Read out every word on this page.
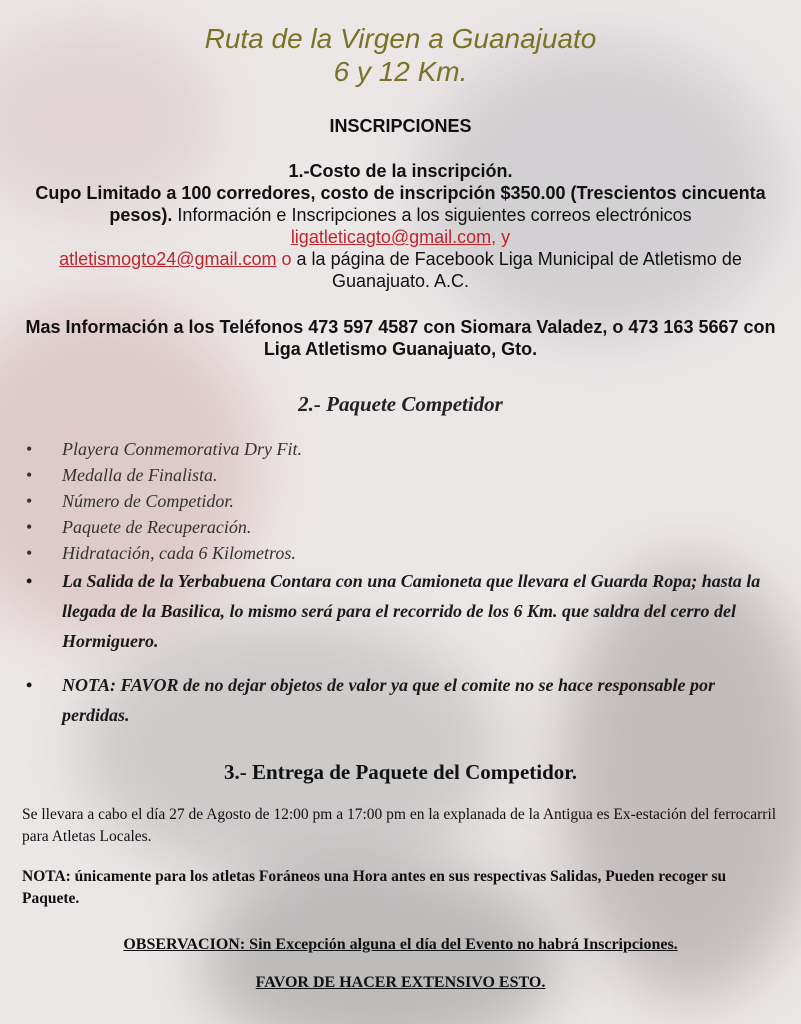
Ruta de la Virgen a Guanajuato
6 y 12 Km.
INSCRIPCIONES
1.-Costo de la inscripción.
Cupo Limitado a 100 corredores, costo de inscripción $350.00 (Trescientos cincuenta pesos). Información e Inscripciones a los siguientes correos electrónicos ligatleticagto@gmail.com, y
atletismogto24@gmail.com o a la página de Facebook Liga Municipal de Atletismo de Guanajuato. A.C.
Mas Información a los Teléfonos 473 597 4587 con Siomara Valadez, o 473 163 5667 con Liga Atletismo Guanajuato, Gto.
2.- Paquete Competidor
• Playera Conmemorativa Dry Fit.
• Medalla de Finalista.
• Número de Competidor.
• Paquete de Recuperación.
• Hidratación, cada 6 Kilometros.
• La Salida de la Yerbabuena Contara con una Camioneta que llevara el Guarda Ropa; hasta la llegada de la Basilica, lo mismo será para el recorrido de los 6 Km. que saldra del cerro del Hormiguero.
• NOTA: FAVOR de no dejar objetos de valor ya que el comite no se hace responsable por perdidas.
3.- Entrega de Paquete del Competidor.
Se llevara a cabo el día 27 de Agosto de 12:00 pm a 17:00 pm en la explanada de la Antigua es Ex-estación del ferrocarril para Atletas Locales.
NOTA: únicamente para los atletas Foráneos una Hora antes en sus respectivas Salidas, Pueden recoger su Paquete.
OBSERVACION: Sin Excepción alguna el día del Evento no habrá Inscripciones.
FAVOR DE HACER EXTENSIVO ESTO.
